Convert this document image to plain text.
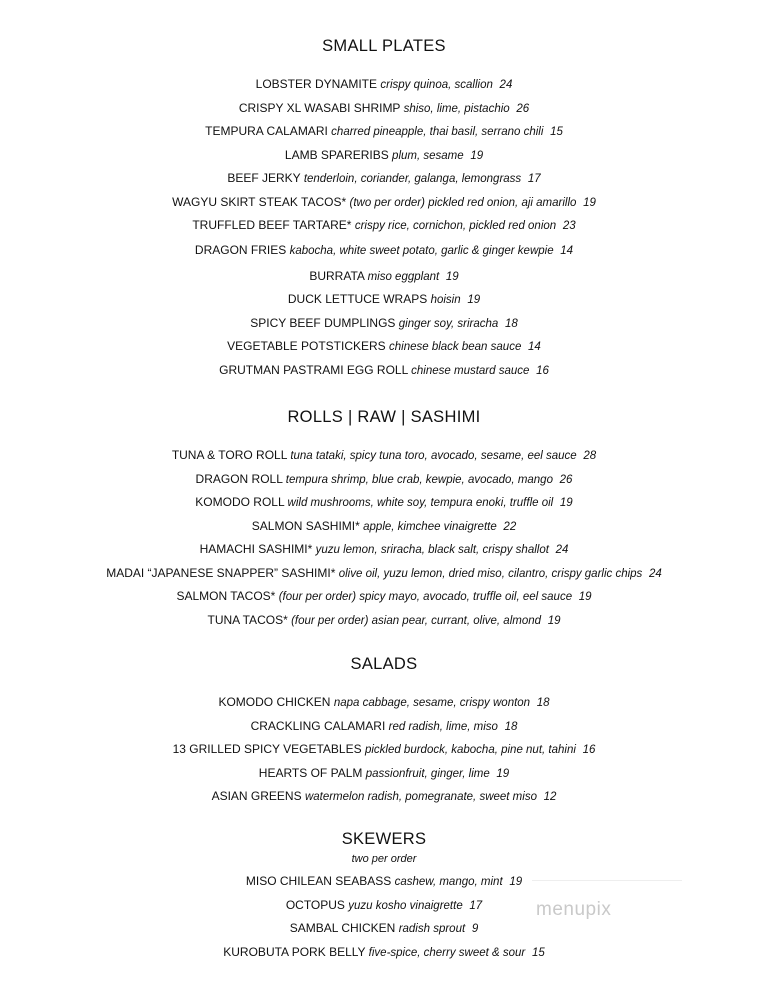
SMALL PLATES
LOBSTER DYNAMITE crispy quinoa, scallion 24
CRISPY XL WASABI SHRIMP shiso, lime, pistachio 26
TEMPURA CALAMARI charred pineapple, thai basil, serrano chili 15
LAMB SPARERIBS plum, sesame 19
BEEF JERKY tenderloin, coriander, galanga, lemongrass 17
WAGYU SKIRT STEAK TACOS* (two per order) pickled red onion, aji amarillo 19
TRUFFLED BEEF TARTARE* crispy rice, cornichon, pickled red onion 23
DRAGON FRIES kabocha, white sweet potato, garlic & ginger kewpie 14
BURRATA miso eggplant 19
DUCK LETTUCE WRAPS hoisin 19
SPICY BEEF DUMPLINGS ginger soy, sriracha 18
VEGETABLE POTSTICKERS chinese black bean sauce 14
GRUTMAN PASTRAMI EGG ROLL chinese mustard sauce 16
ROLLS | RAW | SASHIMI
TUNA & TORO ROLL tuna tataki, spicy tuna toro, avocado, sesame, eel sauce 28
DRAGON ROLL tempura shrimp, blue crab, kewpie, avocado, mango 26
KOMODO ROLL wild mushrooms, white soy, tempura enoki, truffle oil 19
SALMON SASHIMI* apple, kimchee vinaigrette 22
HAMACHI SASHIMI* yuzu lemon, sriracha, black salt, crispy shallot 24
MADAI “JAPANESE SNAPPER” SASHIMI* olive oil, yuzu lemon, dried miso, cilantro, crispy garlic chips 24
SALMON TACOS* (four per order) spicy mayo, avocado, truffle oil, eel sauce 19
TUNA TACOS* (four per order) asian pear, currant, olive, almond 19
SALADS
KOMODO CHICKEN napa cabbage, sesame, crispy wonton 18
CRACKLING CALAMARI red radish, lime, miso 18
13 GRILLED SPICY VEGETABLES pickled burdock, kabocha, pine nut, tahini 16
HEARTS OF PALM passionfruit, ginger, lime 19
ASIAN GREENS watermelon radish, pomegranate, sweet miso 12
SKEWERS
two per order
MISO CHILEAN SEABASS cashew, mango, mint 19
OCTOPUS yuzu kosho vinaigrette 17
SAMBAL CHICKEN radish sprout 9
KUROBUTA PORK BELLY five-spice, cherry sweet & sour 15
menupix
